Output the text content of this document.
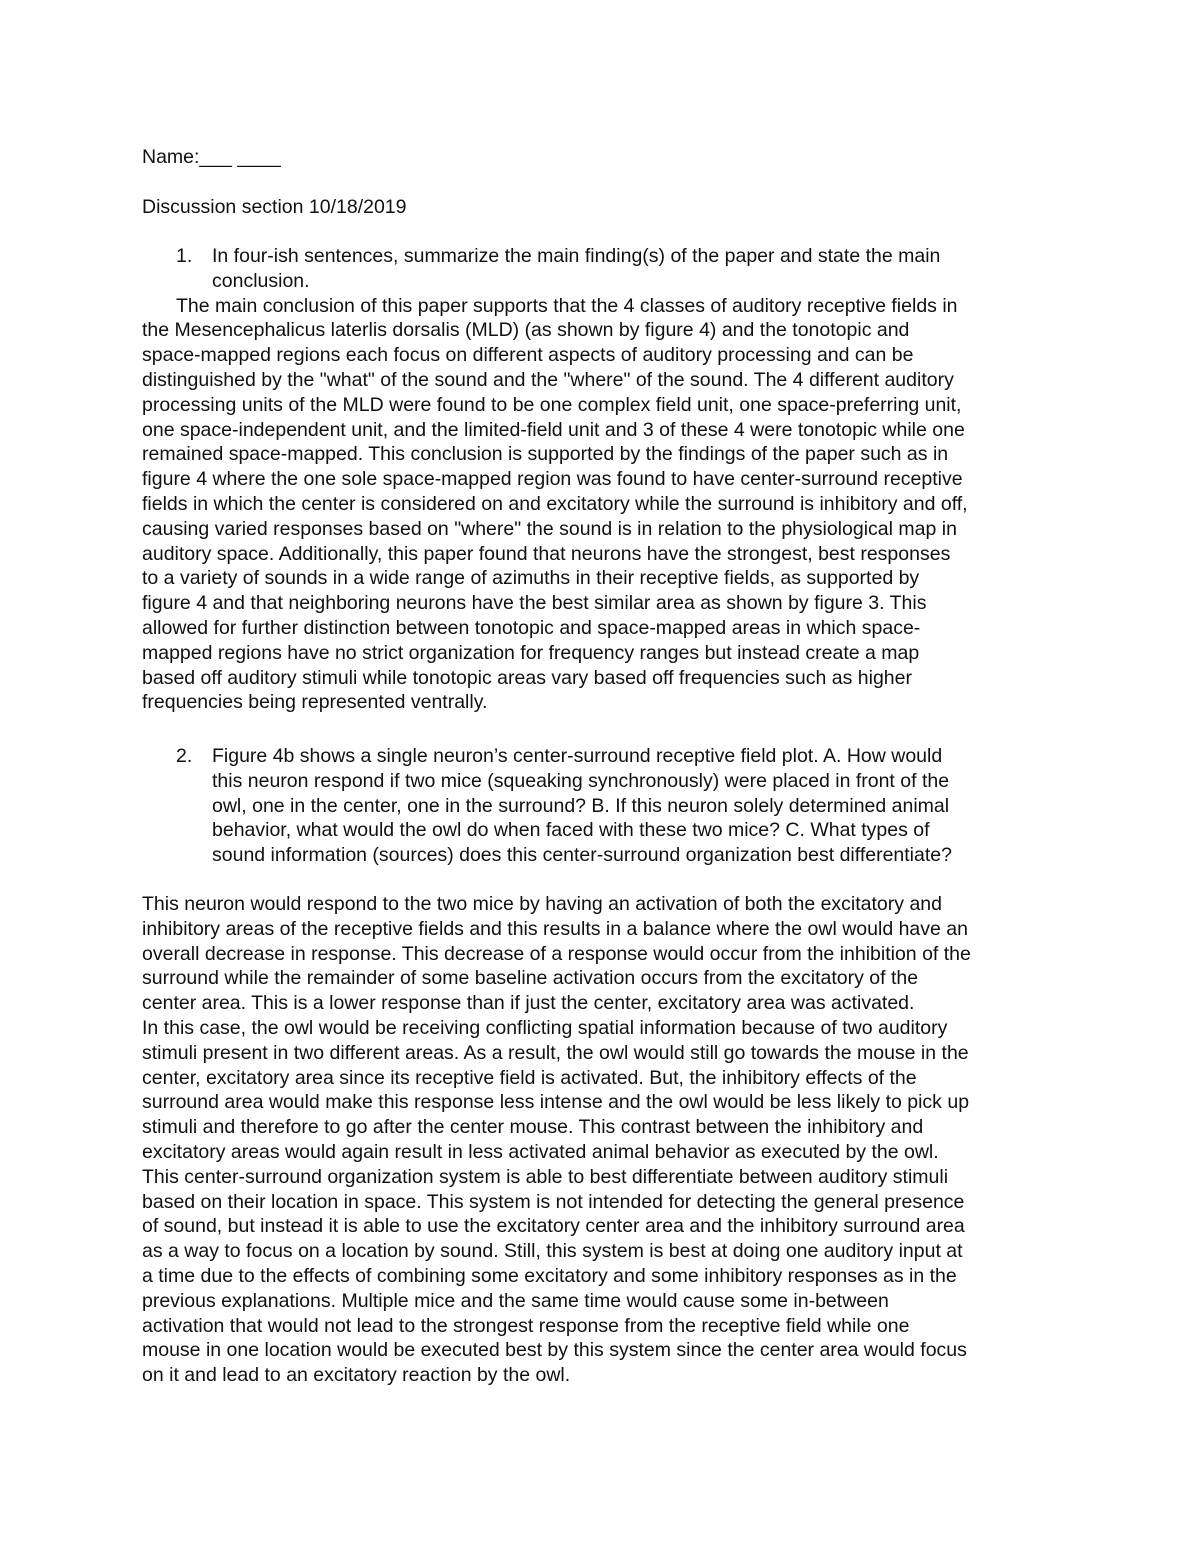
Name:___ ____
Discussion section 10/18/2019
1. In four-ish sentences, summarize the main finding(s) of the paper and state the main
conclusion.
The main conclusion of this paper supports that the 4 classes of auditory receptive fields in
the Mesencephalicus laterlis dorsalis (MLD) (as shown by figure 4) and the tonotopic and
space-mapped regions each focus on different aspects of auditory processing and can be
distinguished by the "what" of the sound and the "where" of the sound. The 4 different auditory
processing units of the MLD were found to be one complex field unit, one space-preferring unit,
one space-independent unit, and the limited-field unit and 3 of these 4 were tonotopic while one
remained space-mapped. This conclusion is supported by the findings of the paper such as in
figure 4 where the one sole space-mapped region was found to have center-surround receptive
fields in which the center is considered on and excitatory while the surround is inhibitory and off,
causing varied responses based on "where" the sound is in relation to the physiological map in
auditory space. Additionally, this paper found that neurons have the strongest, best responses
to a variety of sounds in a wide range of azimuths in their receptive fields, as supported by
figure 4 and that neighboring neurons have the best similar area as shown by figure 3. This
allowed for further distinction between tonotopic and space-mapped areas in which space-
mapped regions have no strict organization for frequency ranges but instead create a map
based off auditory stimuli while tonotopic areas vary based off frequencies such as higher
frequencies being represented ventrally.
2. Figure 4b shows a single neuron’s center-surround receptive field plot. A. How would
this neuron respond if two mice (squeaking synchronously) were placed in front of the
owl, one in the center, one in the surround? B. If this neuron solely determined animal
behavior, what would the owl do when faced with these two mice? C. What types of
sound information (sources) does this center-surround organization best differentiate?
This neuron would respond to the two mice by having an activation of both the excitatory and
inhibitory areas of the receptive fields and this results in a balance where the owl would have an
overall decrease in response. This decrease of a response would occur from the inhibition of the
surround while the remainder of some baseline activation occurs from the excitatory of the
center area. This is a lower response than if just the center, excitatory area was activated.
In this case, the owl would be receiving conflicting spatial information because of two auditory
stimuli present in two different areas. As a result, the owl would still go towards the mouse in the
center, excitatory area since its receptive field is activated. But, the inhibitory effects of the
surround area would make this response less intense and the owl would be less likely to pick up
stimuli and therefore to go after the center mouse. This contrast between the inhibitory and
excitatory areas would again result in less activated animal behavior as executed by the owl.
This center-surround organization system is able to best differentiate between auditory stimuli
based on their location in space. This system is not intended for detecting the general presence
of sound, but instead it is able to use the excitatory center area and the inhibitory surround area
as a way to focus on a location by sound. Still, this system is best at doing one auditory input at
a time due to the effects of combining some excitatory and some inhibitory responses as in the
previous explanations. Multiple mice and the same time would cause some in-between
activation that would not lead to the strongest response from the receptive field while one
mouse in one location would be executed best by this system since the center area would focus
on it and lead to an excitatory reaction by the owl.
